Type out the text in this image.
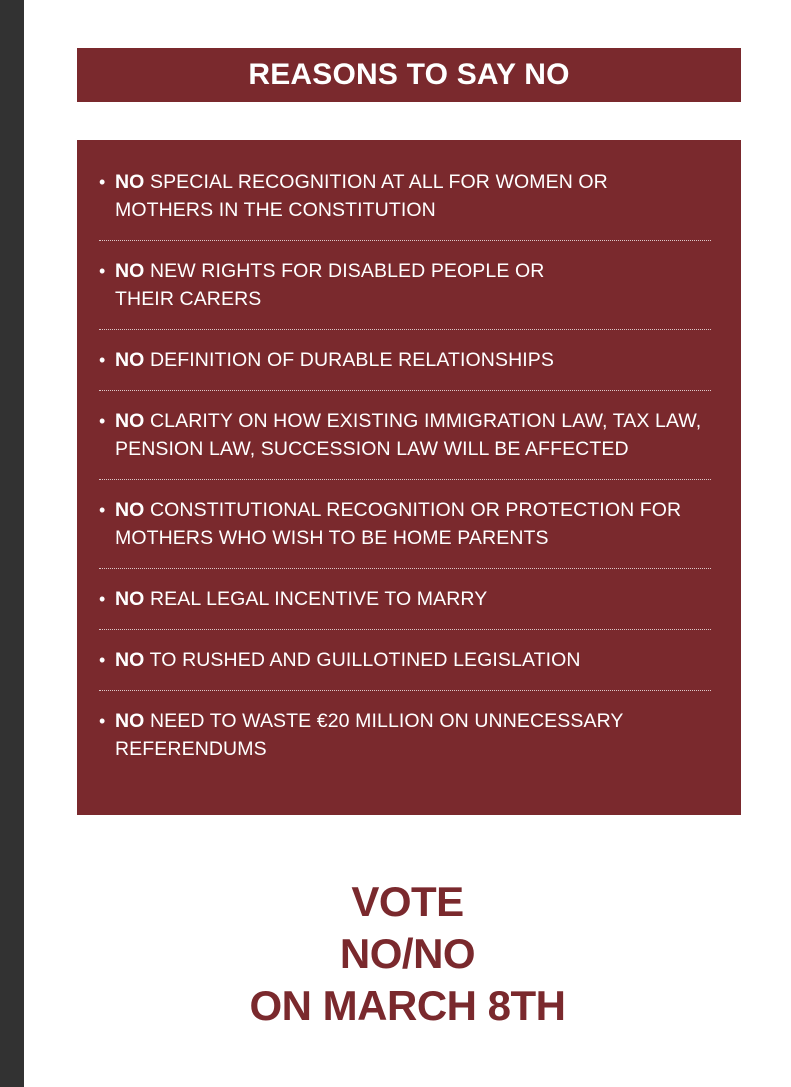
REASONS TO SAY NO
• NO SPECIAL RECOGNITION AT ALL FOR WOMEN OR MOTHERS IN THE CONSTITUTION
• NO NEW RIGHTS FOR DISABLED PEOPLE OR THEIR CARERS
• NO DEFINITION OF DURABLE RELATIONSHIPS
• NO CLARITY ON HOW EXISTING IMMIGRATION LAW, TAX LAW, PENSION LAW, SUCCESSION LAW WILL BE AFFECTED
• NO CONSTITUTIONAL RECOGNITION OR PROTECTION FOR MOTHERS WHO WISH TO BE HOME PARENTS
• NO REAL LEGAL INCENTIVE TO MARRY
• NO TO RUSHED AND GUILLOTINED LEGISLATION
• NO NEED TO WASTE €20 MILLION ON UNNECESSARY REFERENDUMS
VOTE
NO/NO
ON MARCH 8TH
